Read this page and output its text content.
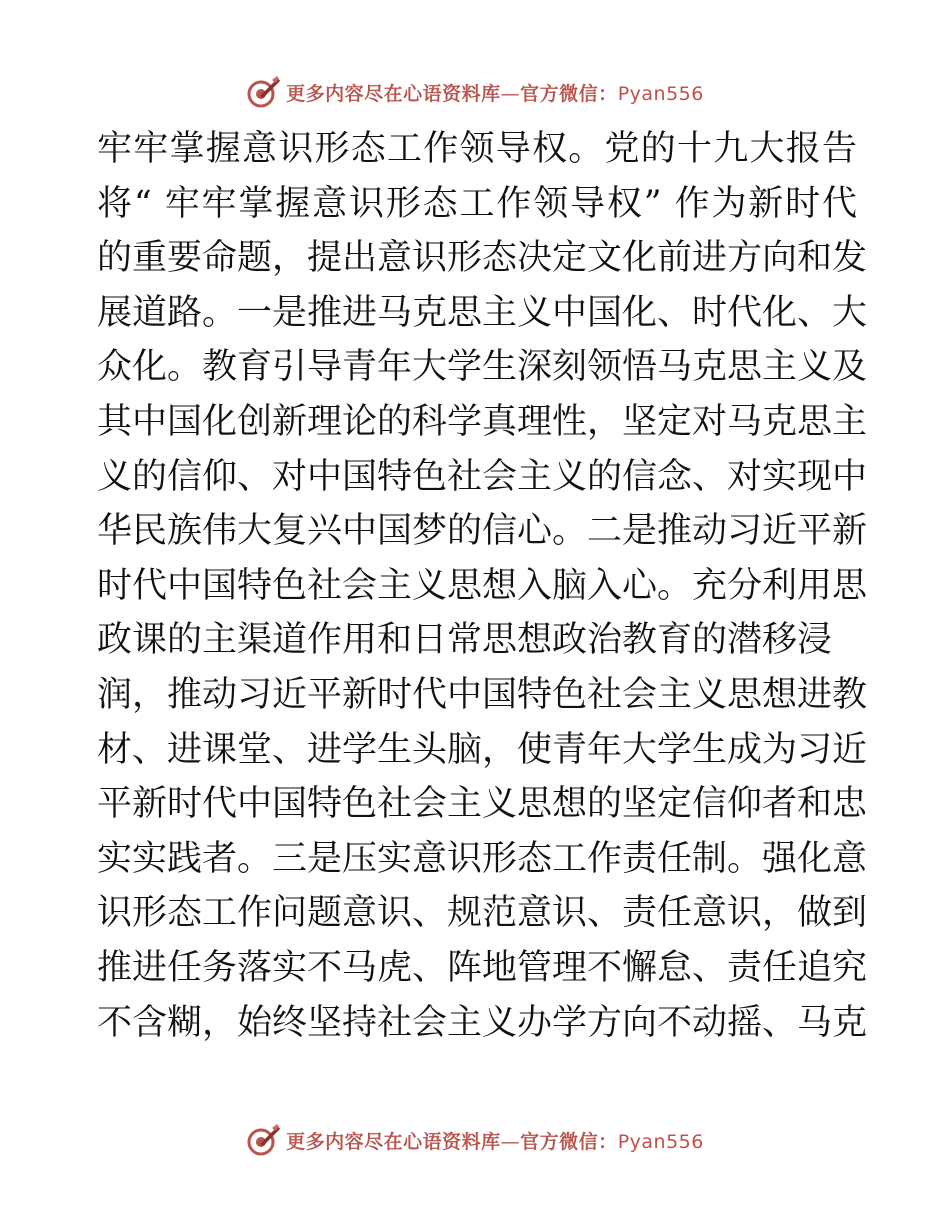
更多内容尽在心语资料库—官方微信：Pyan556
牢牢掌握意识形态工作领导权。党的十九大报告
将“ 牢牢掌握意识形态工作领导权” 作为新时代
的重要命题，提出意识形态决定文化前进方向和发
展道路。一是推进马克思主义中国化、时代化、大
众化。教育引导青年大学生深刻领悟马克思主义及
其中国化创新理论的科学真理性，坚定对马克思主
义的信仰、对中国特色社会主义的信念、对实现中
华民族伟大复兴中国梦的信心。二是推动习近平新
时代中国特色社会主义思想入脑入心。充分利用思
政课的主渠道作用和日常思想政治教育的潜移浸
润，推动习近平新时代中国特色社会主义思想进教
材、进课堂、进学生头脑，使青年大学生成为习近
平新时代中国特色社会主义思想的坚定信仰者和忠
实实践者。三是压实意识形态工作责任制。强化意
识形态工作问题意识、规范意识、责任意识，做到
推进任务落实不马虎、阵地管理不懈怠、责任追究
不含糊，始终坚持社会主义办学方向不动摇、马克
更多内容尽在心语资料库—官方微信：Pyan556
